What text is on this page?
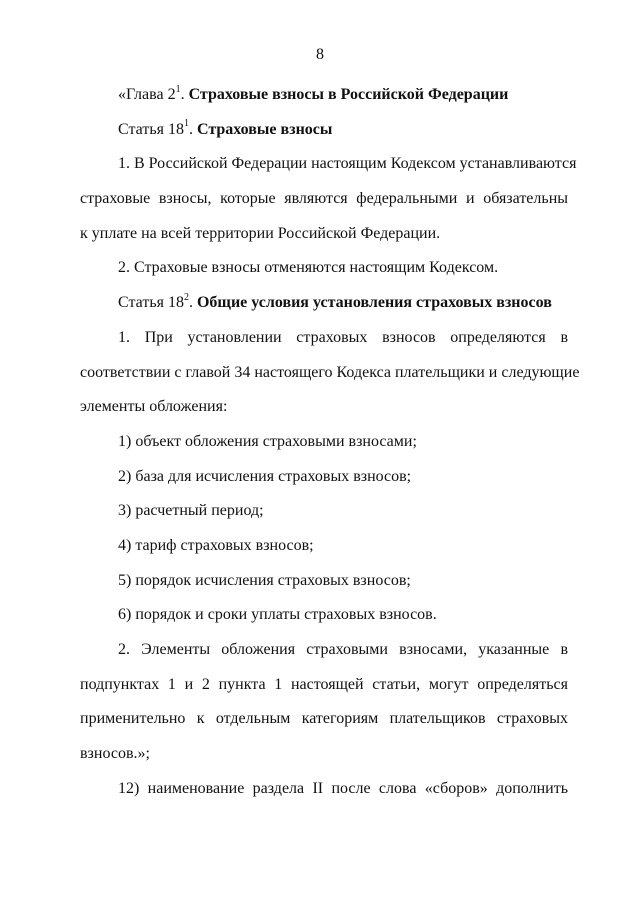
8
«Глава $2^1$. Страховые взносы в Российской Федерации
Статья $18^1$. Страховые взносы
1. В Российской Федерации настоящим Кодексом устанавливаются
страховые взносы, которые являются федеральными и обязательны
к уплате на всей территории Российской Федерации.
2. Страховые взносы отменяются настоящим Кодексом.
Статья $18^2$. Общие условия установления страховых взносов
1. При установлении страховых взносов определяются в
соответствии с главой 34 настоящего Кодекса плательщики и следующие
элементы обложения:
1) объект обложения страховыми взносами;
2) база для исчисления страховых взносов;
3) расчетный период;
4) тариф страховых взносов;
5) порядок исчисления страховых взносов;
6) порядок и сроки уплаты страховых взносов.
2. Элементы обложения страховыми взносами, указанные в
подпунктах 1 и 2 пункта 1 настоящей статьи, могут определяться
применительно к отдельным категориям плательщиков страховых
взносов.»;
12) наименование раздела II после слова «сборов» дополнить
